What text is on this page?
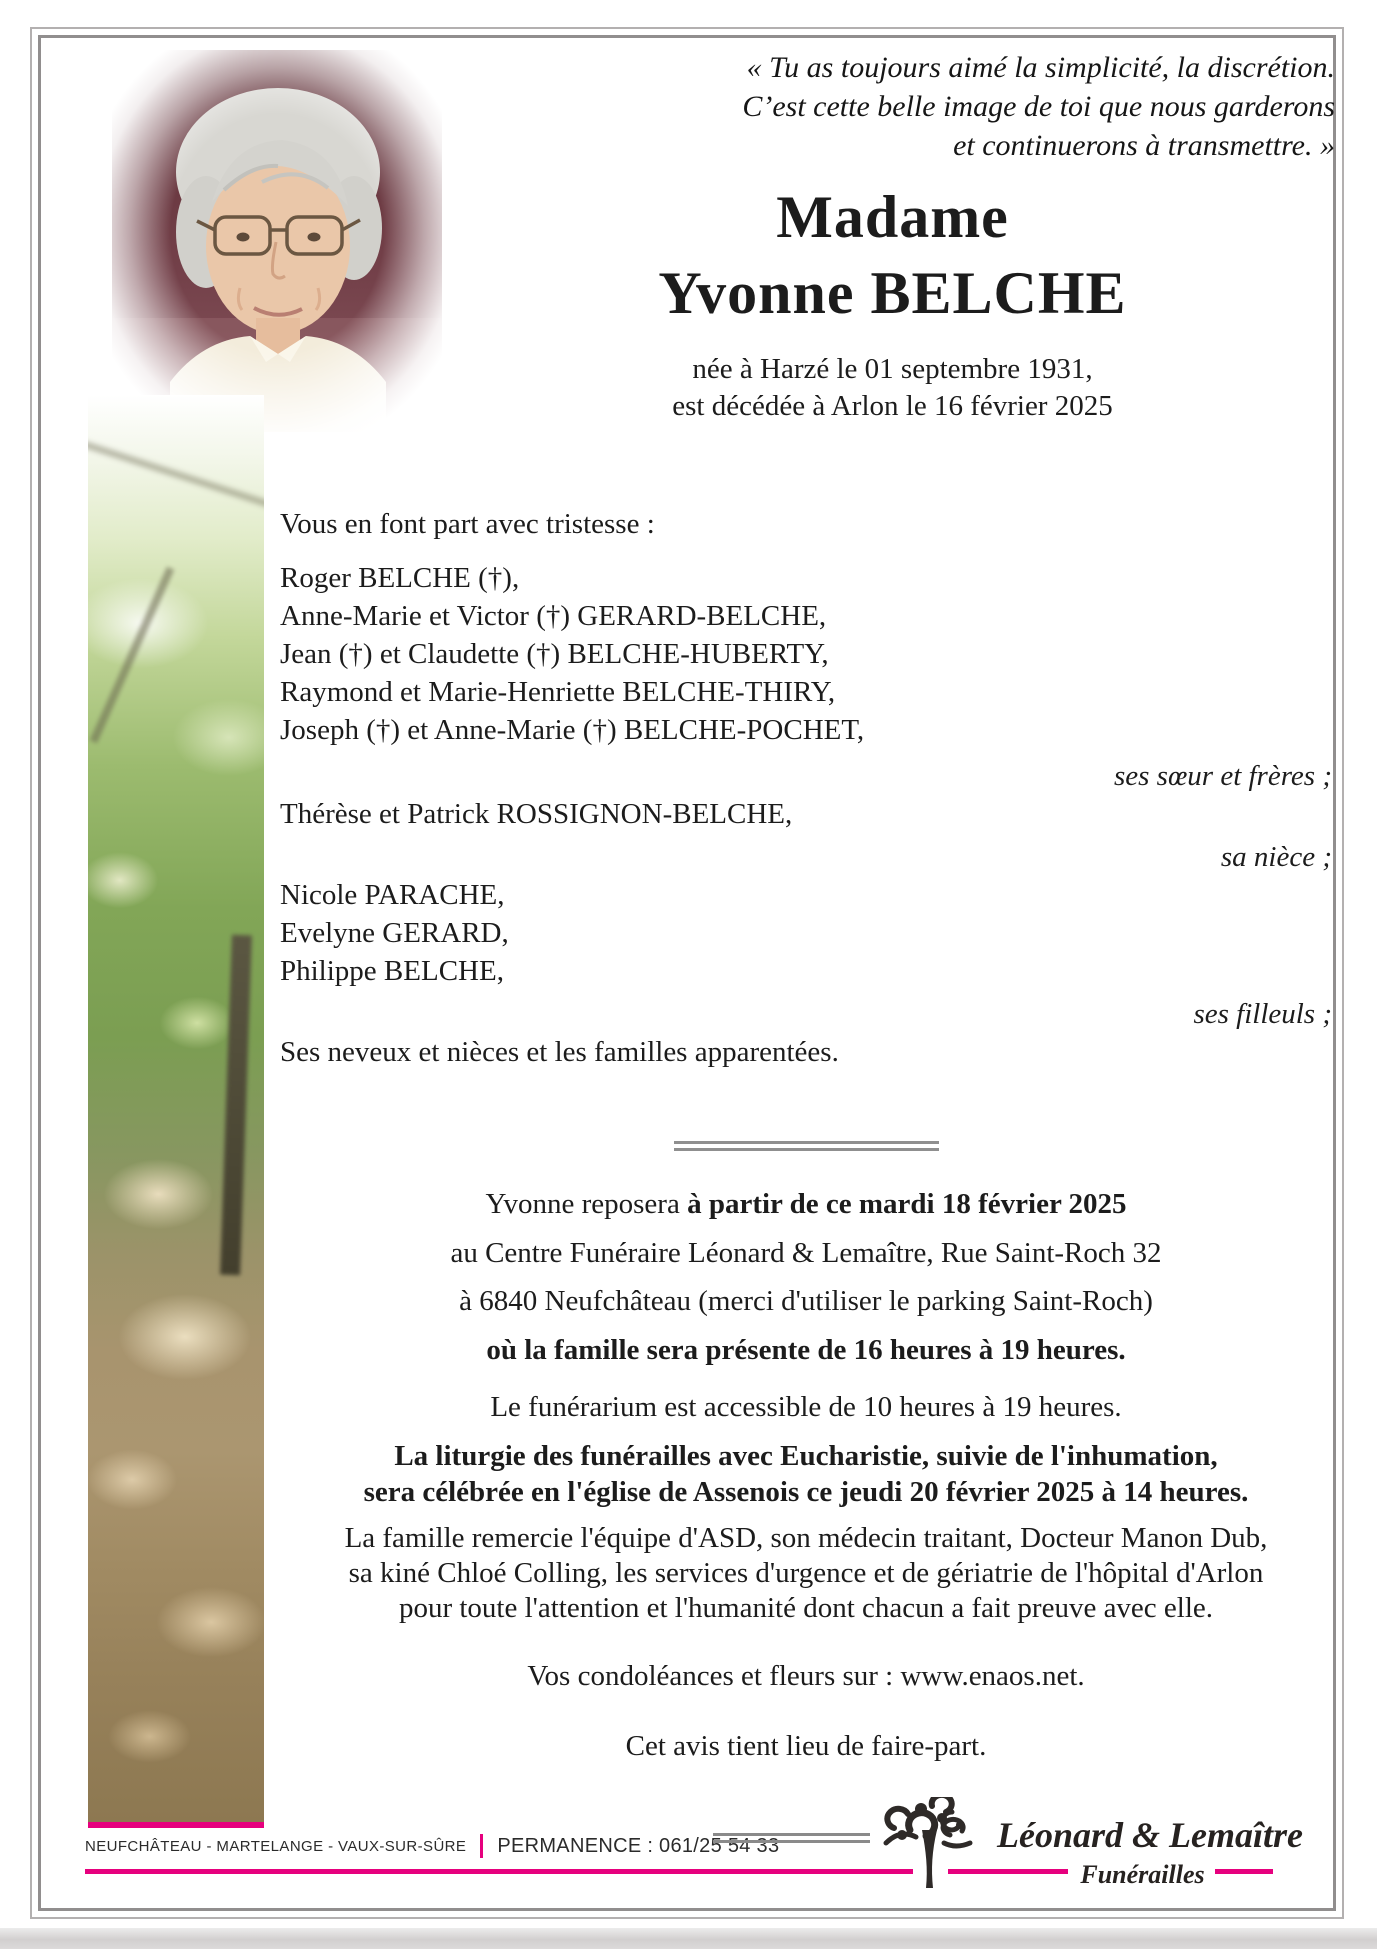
« Tu as toujours aimé la simplicité, la discrétion.
C’est cette belle image de toi que nous garderons
et continuerons à transmettre. »
Madame
Yvonne BELCHE
née à Harzé le 01 septembre 1931,
est décédée à Arlon le 16 février 2025
Vous en font part avec tristesse :
Roger BELCHE (†),
Anne-Marie et Victor (†) GERARD-BELCHE,
Jean (†) et Claudette (†) BELCHE-HUBERTY,
Raymond et Marie-Henriette BELCHE-THIRY,
Joseph (†) et Anne-Marie (†) BELCHE-POCHET,
ses sœur et frères ;
Thérèse et Patrick ROSSIGNON-BELCHE,
sa nièce ;
Nicole PARACHE,
Evelyne GERARD,
Philippe BELCHE,
ses filleuls ;
Ses neveux et nièces et les familles apparentées.
Yvonne reposera à partir de ce mardi 18 février 2025
au Centre Funéraire Léonard & Lemaître, Rue Saint-Roch 32
à 6840 Neufchâteau (merci d'utiliser le parking Saint-Roch)
où la famille sera présente de 16 heures à 19 heures.
Le funérarium est accessible de 10 heures à 19 heures.
La liturgie des funérailles avec Eucharistie, suivie de l'inhumation,
sera célébrée en l'église de Assenois ce jeudi 20 février 2025 à 14 heures.
La famille remercie l'équipe d'ASD, son médecin traitant, Docteur Manon Dub,
sa kiné Chloé Colling, les services d'urgence et de gériatrie de l'hôpital d'Arlon
pour toute l'attention et l'humanité dont chacun a fait preuve avec elle.
Vos condoléances et fleurs sur : www.enaos.net.
Cet avis tient lieu de faire-part.
NEUFCHÂTEAU - MARTELANGE - VAUX-SUR-SÛRE PERMANENCE : 061/25 54 33	Léonard & Lemaître
Funérailles
